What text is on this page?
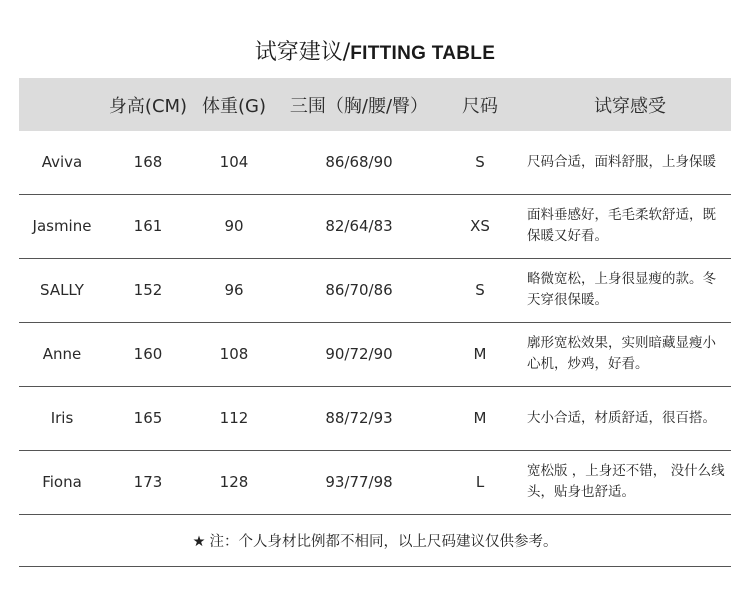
试穿建议/FITTING TABLE
	身高(CM)	体重(G)	三围（胸/腰/臀）	尺码	试穿感受
Aviva	168	104	86/68/90	S	尺码合适，面料舒服，上身保暖
Jasmine	161	90	82/64/83	XS	面料垂感好，毛毛柔软舒适，既保暖又好看。
SALLY	152	96	86/70/86	S	略微宽松，上身很显瘦的款。冬天穿很保暖。
Anne	160	108	90/72/90	M	廓形宽松效果，实则暗藏显瘦小心机，炒鸡，好看。
Iris	165	112	88/72/93	M	大小合适，材质舒适，很百搭。
Fiona	173	128	93/77/98	L	宽松版 ，上身还不错， 没什么线头，贴身也舒适。
★ 注：个人身材比例都不相同，以上尺码建议仅供参考。					
